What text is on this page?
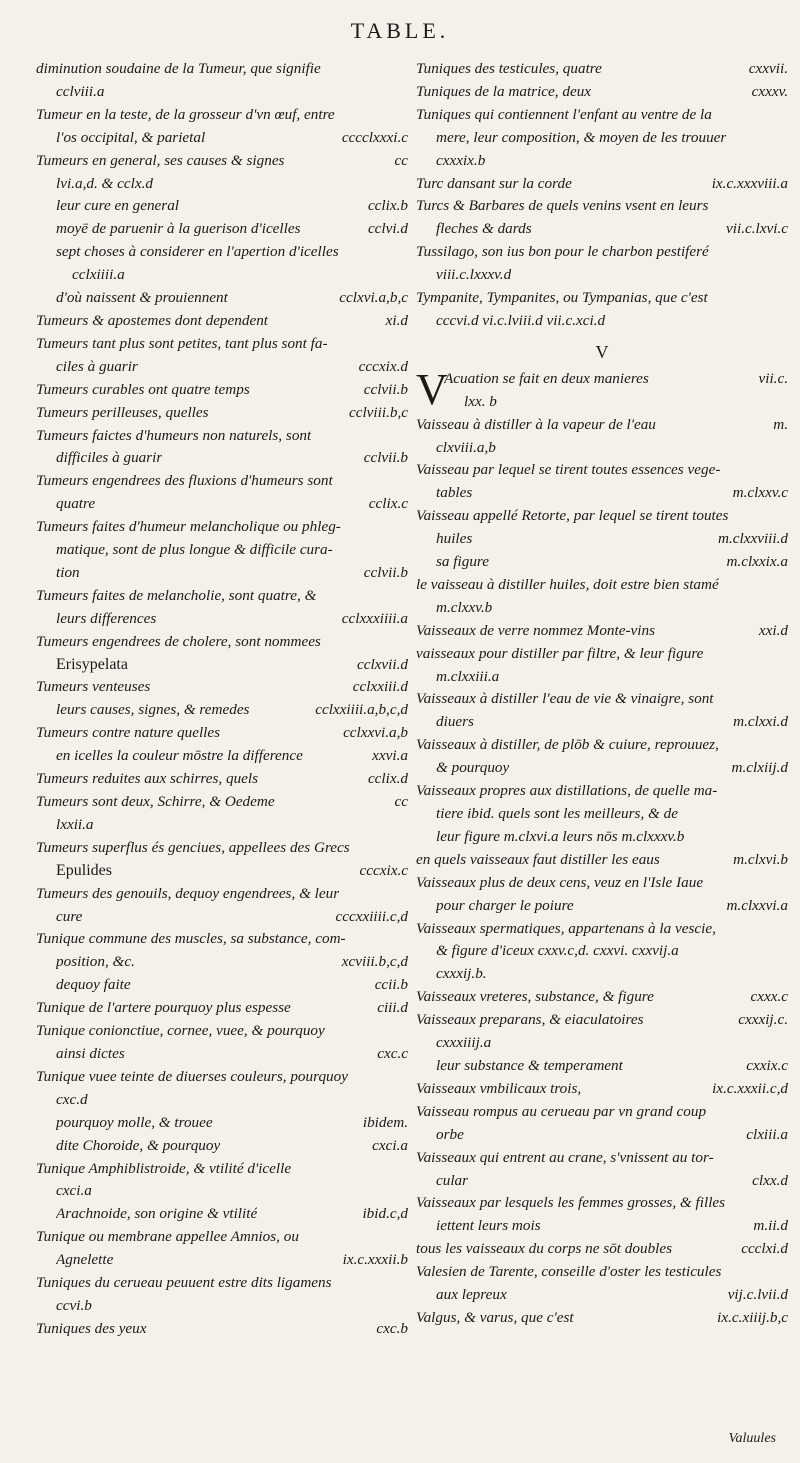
TABLE.
diminution soudaine de la Tumeur, que signifie
cclviii.a
Tumeur en la teste, de la grosseur d'vn œuf, entre
l'os occipital, & parietal	cccclxxxi.c
Tumeurs en general, ses causes & signes	cc
lvi.a,d. & cclx.d
leur cure en general	cclix.b
moyē de paruenir à la guerison d'icelles	cclvi.d
sept choses à considerer en l'apertion d'icelles
cclxiiii.a
d'où naissent & prouiennent	cclxvi.a,b,c
Tumeurs & apostemes dont dependent	xi.d
Tumeurs tant plus sont petites, tant plus sont fa-
ciles à guarir	cccxix.d
Tumeurs curables ont quatre temps	cclvii.b
Tumeurs perilleuses, quelles	cclviii.b,c
Tumeurs faictes d'humeurs non naturels, sont
difficiles à guarir	cclvii.b
Tumeurs engendrees des fluxions d'humeurs sont
quatre	cclix.c
Tumeurs faites d'humeur melancholique ou phleg-
matique, sont de plus longue & difficile cura-
tion	cclvii.b
Tumeurs faites de melancholie, sont quatre, &
leurs differences	cclxxxiiii.a
Tumeurs engendrees de cholere, sont nommees
Erisypelata	cclxvii.d
Tumeurs venteuses	cclxxiii.d
leurs causes, signes, & remedes	cclxxiiii.a,b,c,d
Tumeurs contre nature quelles	cclxxvi.a,b
en icelles la couleur mōstre la difference	xxvi.a
Tumeurs reduites aux schirres, quels	cclix.d
Tumeurs sont deux, Schirre, & Oedeme	cc
lxxii.a
Tumeurs superflus és genciues, appellees des Grecs
Epulides	cccxix.c
Tumeurs des genouils, dequoy engendrees, & leur
cure	cccxxiiii.c,d
Tunique commune des muscles, sa substance, com-
position, &c.	xcviii.b,c,d
dequoy faite	ccii.b
Tunique de l'artere pourquoy plus espesse	ciii.d
Tunique conionctiue, cornee, vuee, & pourquoy
ainsi dictes	cxc.c
Tunique vuee teinte de diuerses couleurs, pourquoy
cxc.d
pourquoy molle, & trouee	ibidem.
dite Choroide, & pourquoy	cxci.a
Tunique Amphiblistroide, & vtilité d'icelle
cxci.a
Arachnoide, son origine & vtilité	ibid.c,d
Tunique ou membrane appellee Amnios, ou
Agnelette	ix.c.xxxii.b
Tuniques du cerueau peuuent estre dits ligamens
ccvi.b
Tuniques des yeux	cxc.b
Tuniques des testicules, quatre	cxxvii.
Tuniques de la matrice, deux	cxxxv.
Tuniques qui contiennent l'enfant au ventre de la
mere, leur composition, & moyen de les trouuer
cxxxix.b
Turc dansant sur la corde	ix.c.xxxviii.a
Turcs & Barbares de quels venins vsent en leurs
fleches & dards	vii.c.lxvi.c
Tussilago, son ius bon pour le charbon pestiferé
viii.c.lxxxv.d
Tympanite, Tympanites, ou Tympanias, que c'est
cccvi.d vi.c.lviii.d vii.c.xci.d
V
V
Acuation se fait en deux manieres	vii.c.
lxx. b
Vaisseau à distiller à la vapeur de l'eau	m.
clxviii.a,b
Vaisseau par lequel se tirent toutes essences vege-
tables	m.clxxv.c
Vaisseau appellé Retorte, par lequel se tirent toutes
huiles	m.clxxviii.d
sa figure	m.clxxix.a
le vaisseau à distiller huiles, doit estre bien stamé
m.clxxv.b
Vaisseaux de verre nommez Monte-vins	xxi.d
vaisseaux pour distiller par filtre, & leur figure
m.clxxiii.a
Vaisseaux à distiller l'eau de vie & vinaigre, sont
diuers	m.clxxi.d
Vaisseaux à distiller, de plōb & cuiure, reprouuez,
& pourquoy	m.clxiij.d
Vaisseaux propres aux distillations, de quelle ma-
tiere ibid. quels sont les meilleurs, & de
leur figure m.clxvi.a leurs nōs m.clxxxv.b
en quels vaisseaux faut distiller les eaus	m.clxvi.b
Vaisseaux plus de deux cens, veuz en l'Isle Iaue
pour charger le poiure	m.clxxvi.a
Vaisseaux spermatiques, appartenans à la vescie,
& figure d'iceux cxxv.c,d. cxxvi. cxxvij.a
cxxxij.b.
Vaisseaux vreteres, substance, & figure	cxxx.c
Vaisseaux preparans, & eiaculatoires	cxxxij.c.
cxxxiiij.a
leur substance & temperament	cxxix.c
Vaisseaux vmbilicaux trois,	ix.c.xxxii.c,d
Vaisseau rompus au cerueau par vn grand coup
orbe	clxiii.a
Vaisseaux qui entrent au crane, s'vnissent au tor-
cular	clxx.d
Vaisseaux par lesquels les femmes grosses, & filles
iettent leurs mois	m.ii.d
tous les vaisseaux du corps ne sōt doubles	ccclxi.d
Valesien de Tarente, conseille d'oster les testicules
aux lepreux	vij.c.lvii.d
Valgus, & varus, que c'est	ix.c.xiiij.b,c
Valuules
